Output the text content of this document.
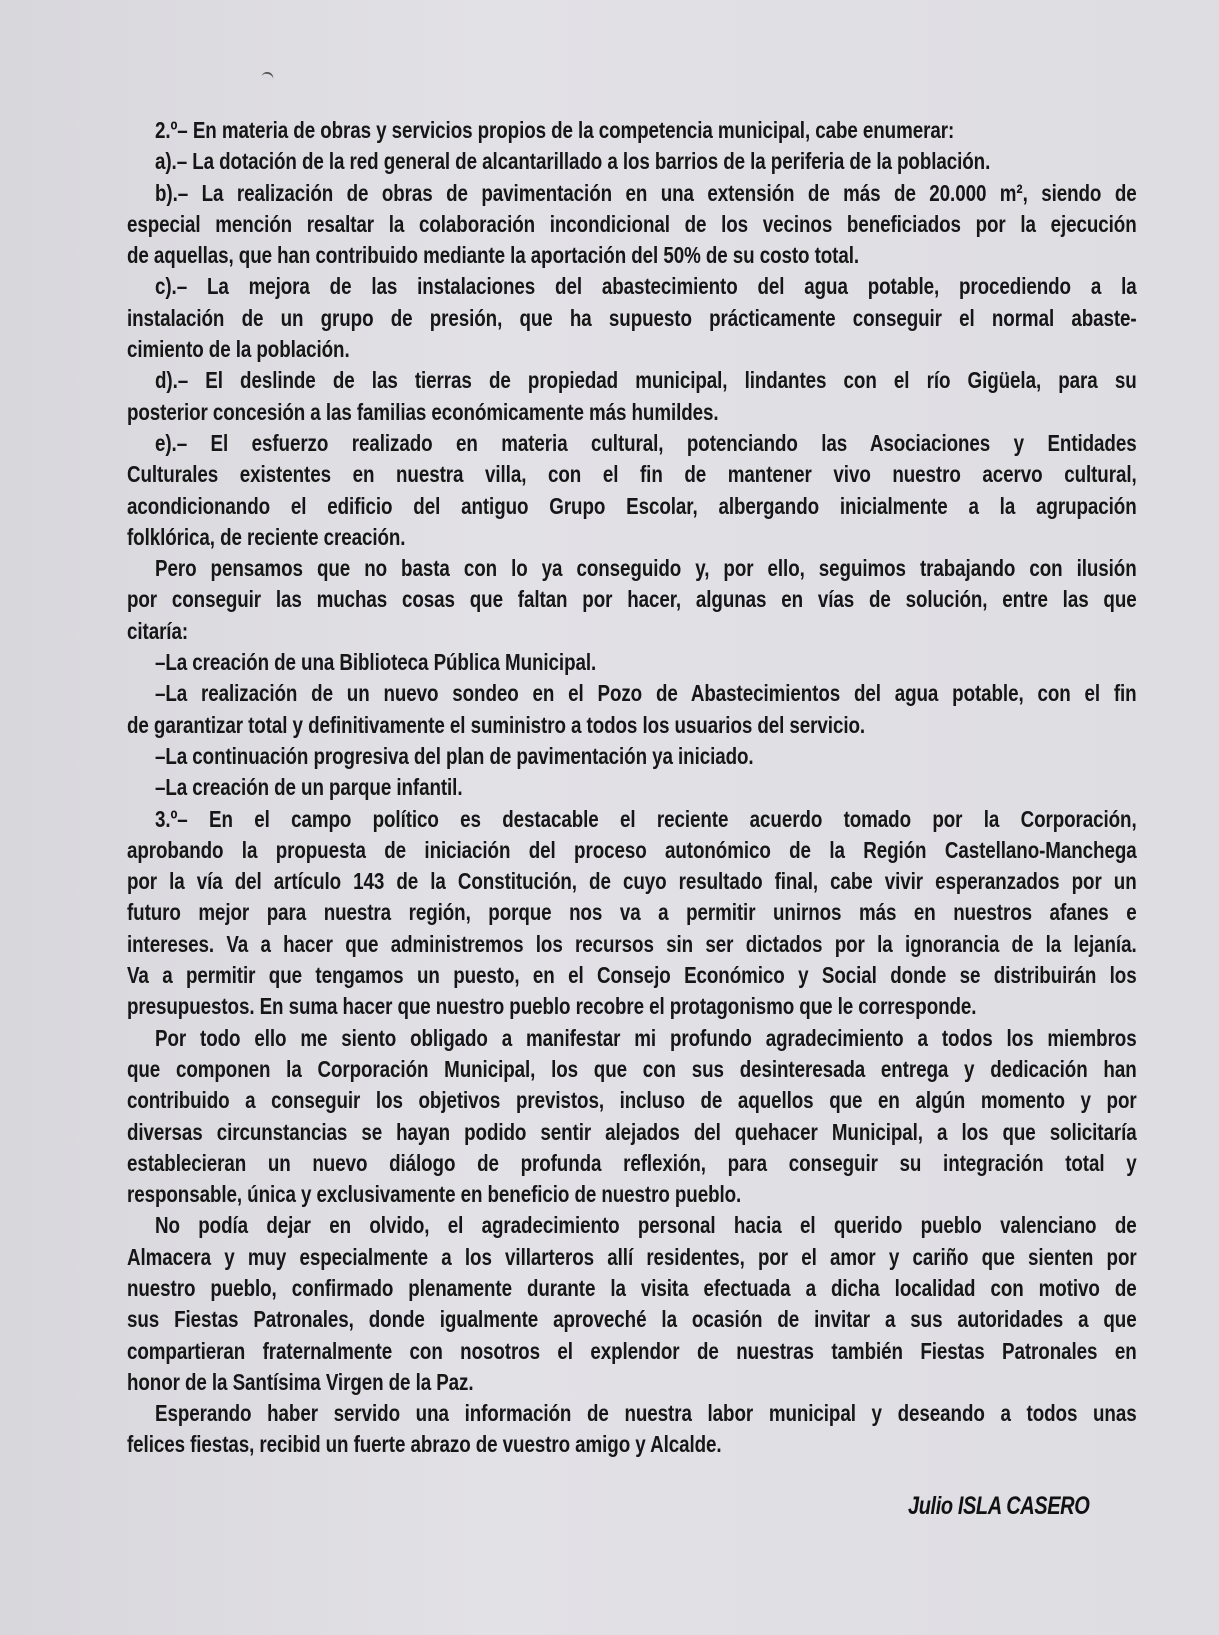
2.º– En materia de obras y servicios propios de la competencia municipal, cabe enumerar:
a).– La dotación de la red general de alcantarillado a los barrios de la periferia de la población.
b).– La realización de obras de pavimentación en una extensión de más de 20.000 m², siendo de
especial mención resaltar la colaboración incondicional de los vecinos beneficiados por la ejecución
de aquellas, que han contribuido mediante la aportación del 50% de su costo total.
c).– La mejora de las instalaciones del abastecimiento del agua potable, procediendo a la
instalación de un grupo de presión, que ha supuesto prácticamente conseguir el normal abaste-
cimiento de la población.
d).– El deslinde de las tierras de propiedad municipal, lindantes con el río Gigüela, para su
posterior concesión a las familias económicamente más humildes.
e).– El esfuerzo realizado en materia cultural, potenciando las Asociaciones y Entidades
Culturales existentes en nuestra villa, con el fin de mantener vivo nuestro acervo cultural,
acondicionando el edificio del antiguo Grupo Escolar, albergando inicialmente a la agrupación
folklórica, de reciente creación.
Pero pensamos que no basta con lo ya conseguido y, por ello, seguimos trabajando con ilusión
por conseguir las muchas cosas que faltan por hacer, algunas en vías de solución, entre las que
citaría:
–La creación de una Biblioteca Pública Municipal.
–La realización de un nuevo sondeo en el Pozo de Abastecimientos del agua potable, con el fin
de garantizar total y definitivamente el suministro a todos los usuarios del servicio.
–La continuación progresiva del plan de pavimentación ya iniciado.
–La creación de un parque infantil.
3.º– En el campo político es destacable el reciente acuerdo tomado por la Corporación,
aprobando la propuesta de iniciación del proceso autonómico de la Región Castellano-Manchega
por la vía del artículo 143 de la Constitución, de cuyo resultado final, cabe vivir esperanzados por un
futuro mejor para nuestra región, porque nos va a permitir unirnos más en nuestros afanes e
intereses. Va a hacer que administremos los recursos sin ser dictados por la ignorancia de la lejanía.
Va a permitir que tengamos un puesto, en el Consejo Económico y Social donde se distribuirán los
presupuestos. En suma hacer que nuestro pueblo recobre el protagonismo que le corresponde.
Por todo ello me siento obligado a manifestar mi profundo agradecimiento a todos los miembros
que componen la Corporación Municipal, los que con sus desinteresada entrega y dedicación han
contribuido a conseguir los objetivos previstos, incluso de aquellos que en algún momento y por
diversas circunstancias se hayan podido sentir alejados del quehacer Municipal, a los que solicitaría
establecieran un nuevo diálogo de profunda reflexión, para conseguir su integración total y
responsable, única y exclusivamente en beneficio de nuestro pueblo.
No podía dejar en olvido, el agradecimiento personal hacia el querido pueblo valenciano de
Almacera y muy especialmente a los villarteros allí residentes, por el amor y cariño que sienten por
nuestro pueblo, confirmado plenamente durante la visita efectuada a dicha localidad con motivo de
sus Fiestas Patronales, donde igualmente aproveché la ocasión de invitar a sus autoridades a que
compartieran fraternalmente con nosotros el explendor de nuestras también Fiestas Patronales en
honor de la Santísima Virgen de la Paz.
Esperando haber servido una información de nuestra labor municipal y deseando a todos unas
felices fiestas, recibid un fuerte abrazo de vuestro amigo y Alcalde.
Julio ISLA CASERO
